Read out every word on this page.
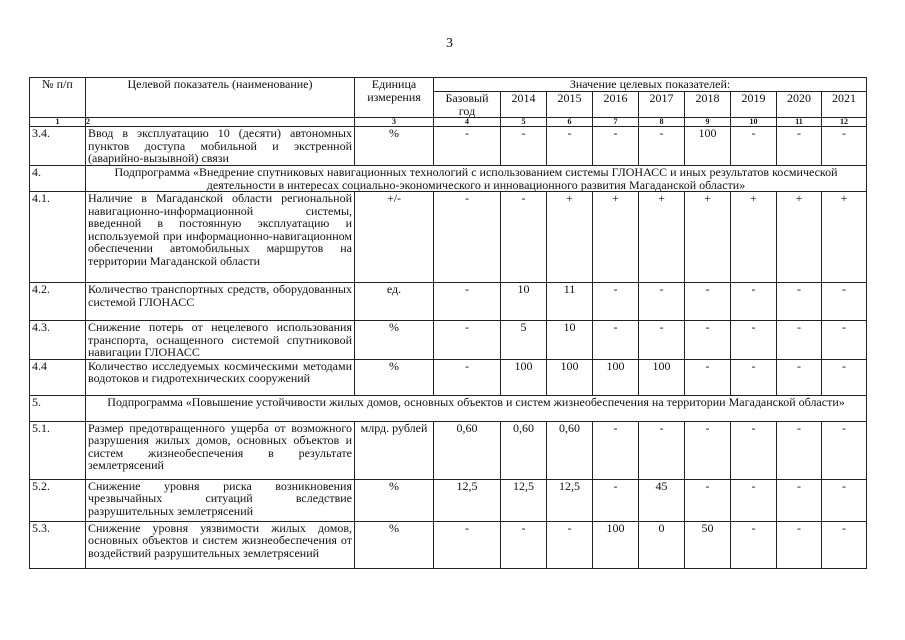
3
№ п/п	Целевой показатель (наименование)	Единица измерения	Значение целевых показателей:								
			Базовый год	2014	2015	2016	2017	2018	2019	2020	2021
1	2	3	4	5	6	7	8	9	10	11	12
3.4.	Ввод в эксплуатацию 10 (десяти) автономных пунктов доступа мобильной и экстренной (аварийно-вызывной) связи	%	-	-	-	-	-	100	-	-	-
4.	Подпрограмма «Внедрение спутниковых навигационных технологий с использованием системы ГЛОНАСС и иных результатов космической деятельности в интересах социально-экономического и инновационного развития Магаданской области»										
4.1.	Наличие в Магаданской области региональной навигационно-информационной системы, введенной в постоянную эксплуатацию и используемой при информационно-навигационном обеспечении автомобильных маршрутов на территории Магаданской области	+/-	-	-	+	+	+	+	+	+	+
4.2.	Количество транспортных средств, оборудованных системой ГЛОНАСС	ед.	-	10	11	-	-	-	-	-	-
4.3.	Снижение потерь от нецелевого использования транспорта, оснащенного системой спутниковой навигации ГЛОНАСС	%	-	5	10	-	-	-	-	-	-
4.4	Количество исследуемых космическими методами водотоков и гидротехнических сооружений	%	-	100	100	100	100	-	-	-	-
5.	Подпрограмма «Повышение устойчивости жилых домов, основных объектов и систем жизнеобеспечения на территории Магаданской области»										
5.1.	Размер предотвращенного ущерба от возможного разрушения жилых домов, основных объектов и систем жизнеобеспечения в результате землетрясений	млрд. рублей	0,60	0,60	0,60	-	-	-	-	-	-
5.2.	Снижение уровня риска возникновения чрезвычайных ситуаций вследствие разрушительных землетрясений	%	12,5	12,5	12,5	-	45	-	-	-	-
5.3.	Снижение уровня уязвимости жилых домов, основных объектов и систем жизнеобеспечения от воздействий разрушительных землетрясений	%	-	-	-	100	0	50	-	-	-
